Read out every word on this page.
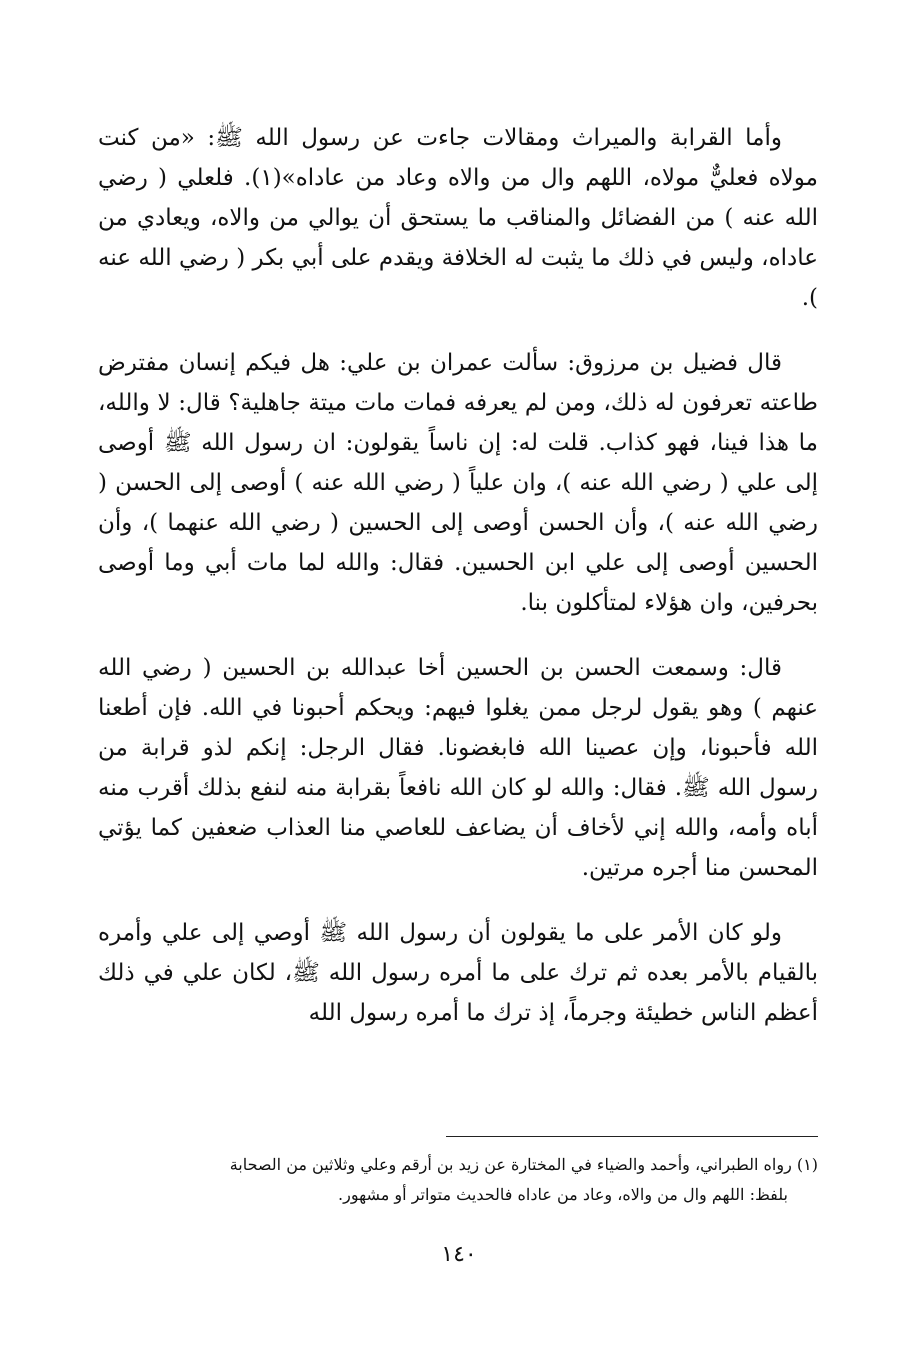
وأما القرابة والميراث ومقالات جاءت عن رسول الله ﷺ: «من كنت مولاه فعليٌّ مولاه، اللهم وال من والاه وعاد من عاداه»(١). فلعلي ( رضي الله عنه ) من الفضائل والمناقب ما يستحق أن يوالي من والاه، ويعادي من عاداه، وليس في ذلك ما يثبت له الخلافة ويقدم على أبي بكر ( رضي الله عنه ).

قال فضيل بن مرزوق: سألت عمران بن علي: هل فيكم إنسان مفترض طاعته تعرفون له ذلك، ومن لم يعرفه فمات مات ميتة جاهلية؟ قال: لا والله، ما هذا فينا، فهو كذاب. قلت له: إن ناساً يقولون: ان رسول الله ﷺ أوصى إلى علي ( رضي الله عنه )، وان علياً ( رضي الله عنه ) أوصى إلى الحسن ( رضي الله عنه )، وأن الحسن أوصى إلى الحسين ( رضي الله عنهما )، وأن الحسين أوصى إلى علي ابن الحسين. فقال: والله لما مات أبي وما أوصى بحرفين، وان هؤلاء لمتأكلون بنا.

قال: وسمعت الحسن بن الحسين أخا عبدالله بن الحسين ( رضي الله عنهم ) وهو يقول لرجل ممن يغلوا فيهم: ويحكم أحبونا في الله. فإن أطعنا الله فأحبونا، وإن عصينا الله فابغضونا. فقال الرجل: إنكم لذو قرابة من رسول الله ﷺ. فقال: والله لو كان الله نافعاً بقرابة منه لنفع بذلك أقرب منه أباه وأمه، والله إني لأخاف أن يضاعف للعاصي منا العذاب ضعفين كما يؤتي المحسن منا أجره مرتين.

ولو كان الأمر على ما يقولون أن رسول الله ﷺ أوصي إلى علي وأمره بالقيام بالأمر بعده ثم ترك على ما أمره رسول الله ﷺ، لكان علي في ذلك أعظم الناس خطيئة وجرماً، إذ ترك ما أمره رسول الله

(١) رواه الطبراني، وأحمد والضياء في المختارة عن زيد بن أرقم وعلي وثلاثين من الصحابة

بلفظ: اللهم وال من والاه، وعاد من عاداه فالحديث متواتر أو مشهور.

١٤٠
